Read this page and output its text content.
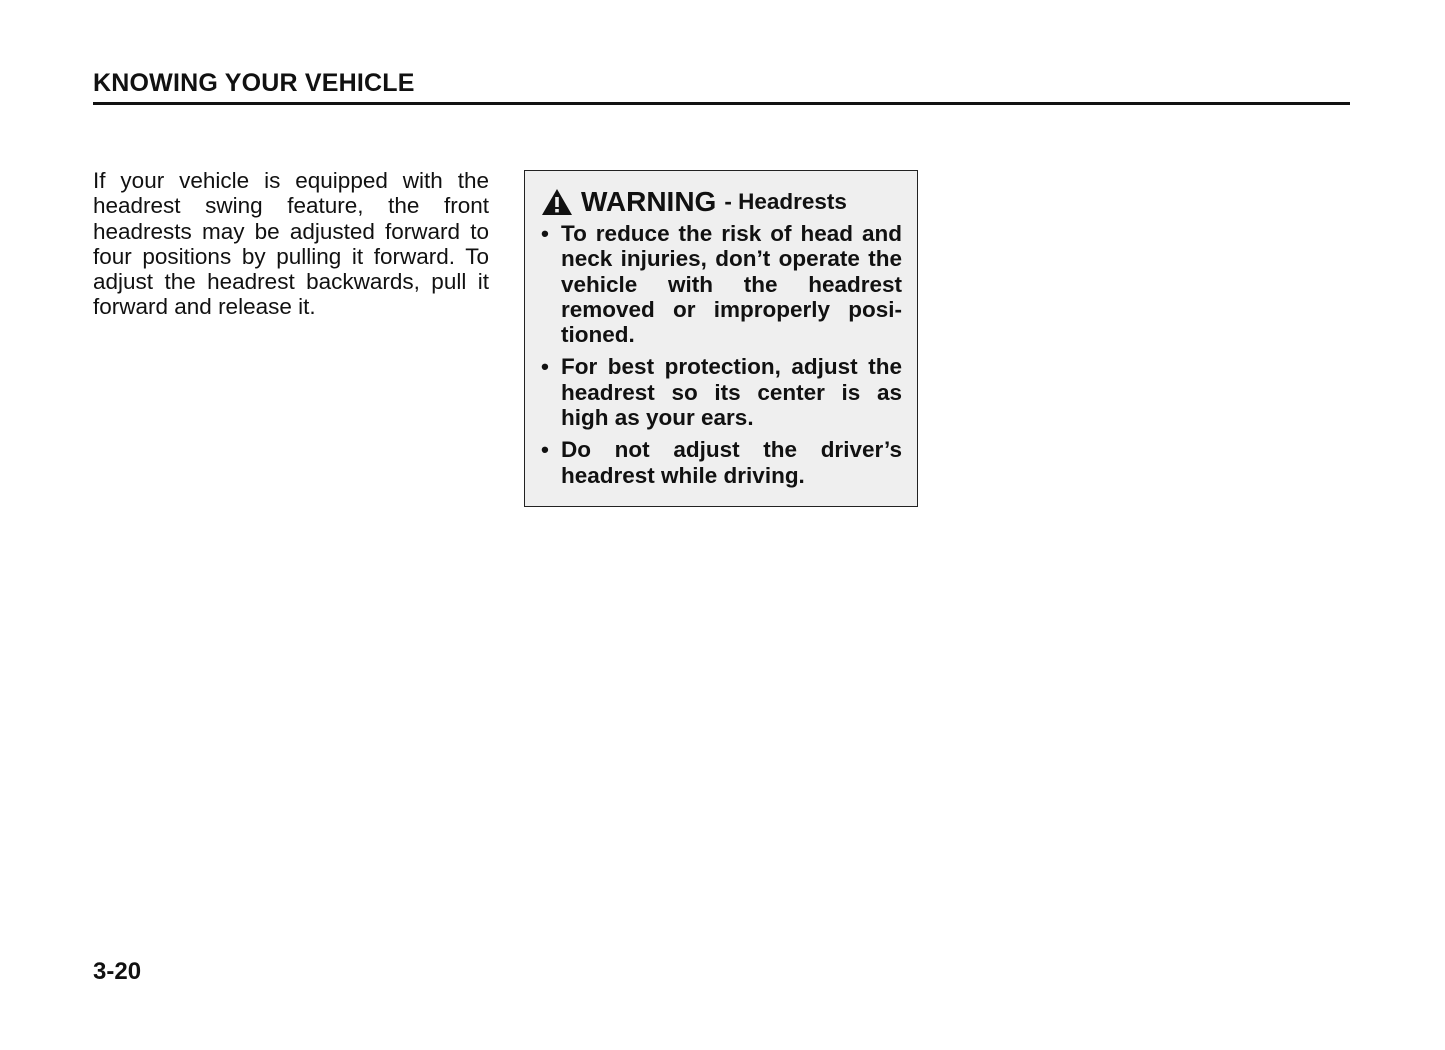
KNOWING YOUR VEHICLE
If your vehicle is equipped with the headrest swing feature, the front headrests may be adjusted forward to four positions by pulling it forward. To adjust the headrest backwards, pull it forward and release it.
WARNING - Headrests
• To reduce the risk of head and neck injuries, don’t operate the vehicle with the headrest removed or improperly posi-tioned.
• For best protection, adjust the headrest so its center is as high as your ears.
• Do not adjust the driver’s headrest while driving.
3-20
